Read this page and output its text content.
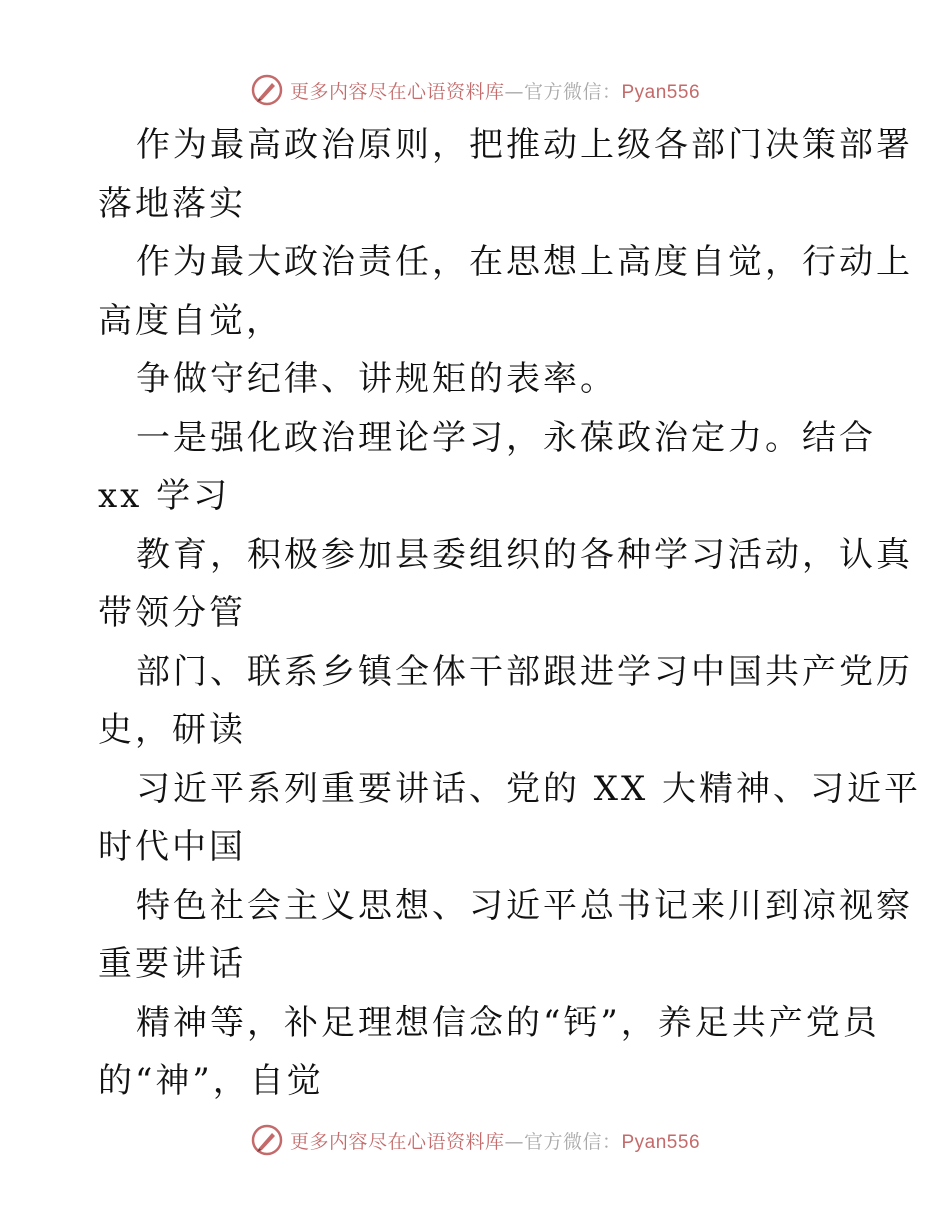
更多内容尽在心语资料库—官方微信：Pyan556

作为最高政治原则，把推动上级各部门决策部署

落地落实

作为最大政治责任，在思想上高度自觉，行动上

高度自觉，

争做守纪律、讲规矩的表率。

一是强化政治理论学习，永葆政治定力。结合

xx 学习

教育，积极参加县委组织的各种学习活动，认真

带领分管

部门、联系乡镇全体干部跟进学习中国共产党历

史，研读

习近平系列重要讲话、党的 XX 大精神、习近平

时代中国

特色社会主义思想、习近平总书记来川到凉视察

重要讲话

精神等，补足理想信念的“钙”，养足共产党员

的“神”，自觉

更多内容尽在心语资料库—官方微信：Pyan556
